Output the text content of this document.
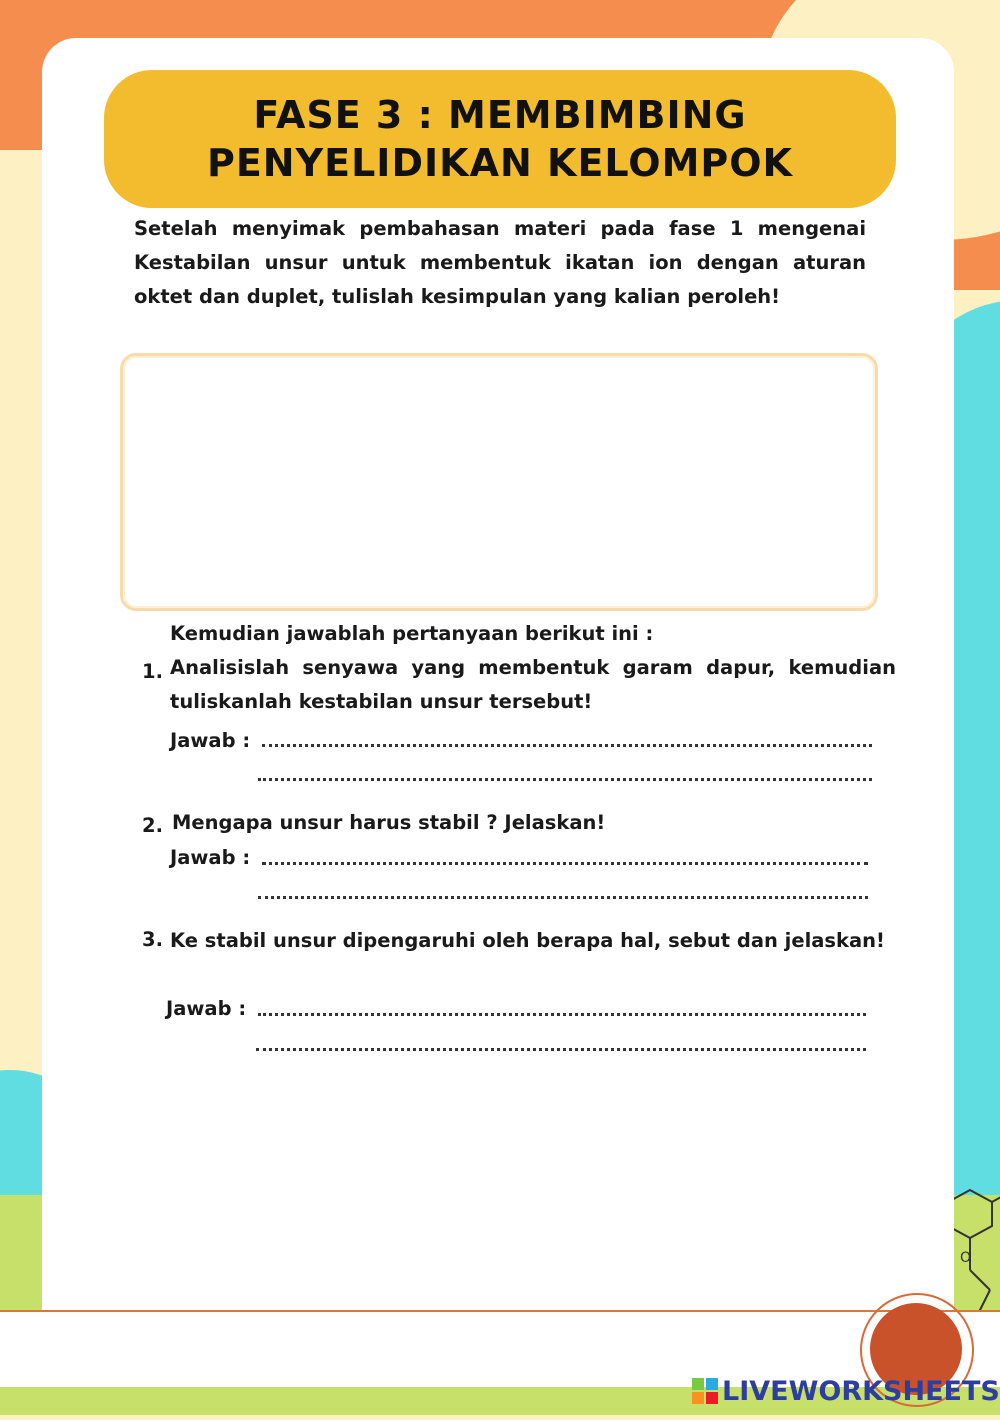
O
FASE 3 : MEMBIMBING
PENYELIDIKAN KELOMPOK
Setelah menyimak pembahasan materi pada fase 1 mengenai Kestabilan unsur untuk membentuk ikatan ion dengan aturan oktet dan duplet, tulislah kesimpulan yang kalian peroleh!
Kemudian jawablah pertanyaan berikut ini :
1. Analisislah senyawa yang membentuk garam dapur, kemudian tuliskanlah kestabilan unsur tersebut!
Jawab :
2. Mengapa unsur harus stabil ? Jelaskan!
Jawab :
3. Ke stabil unsur dipengaruhi oleh berapa hal, sebut dan jelaskan!
Jawab :
LIVEWORKSHEETS
